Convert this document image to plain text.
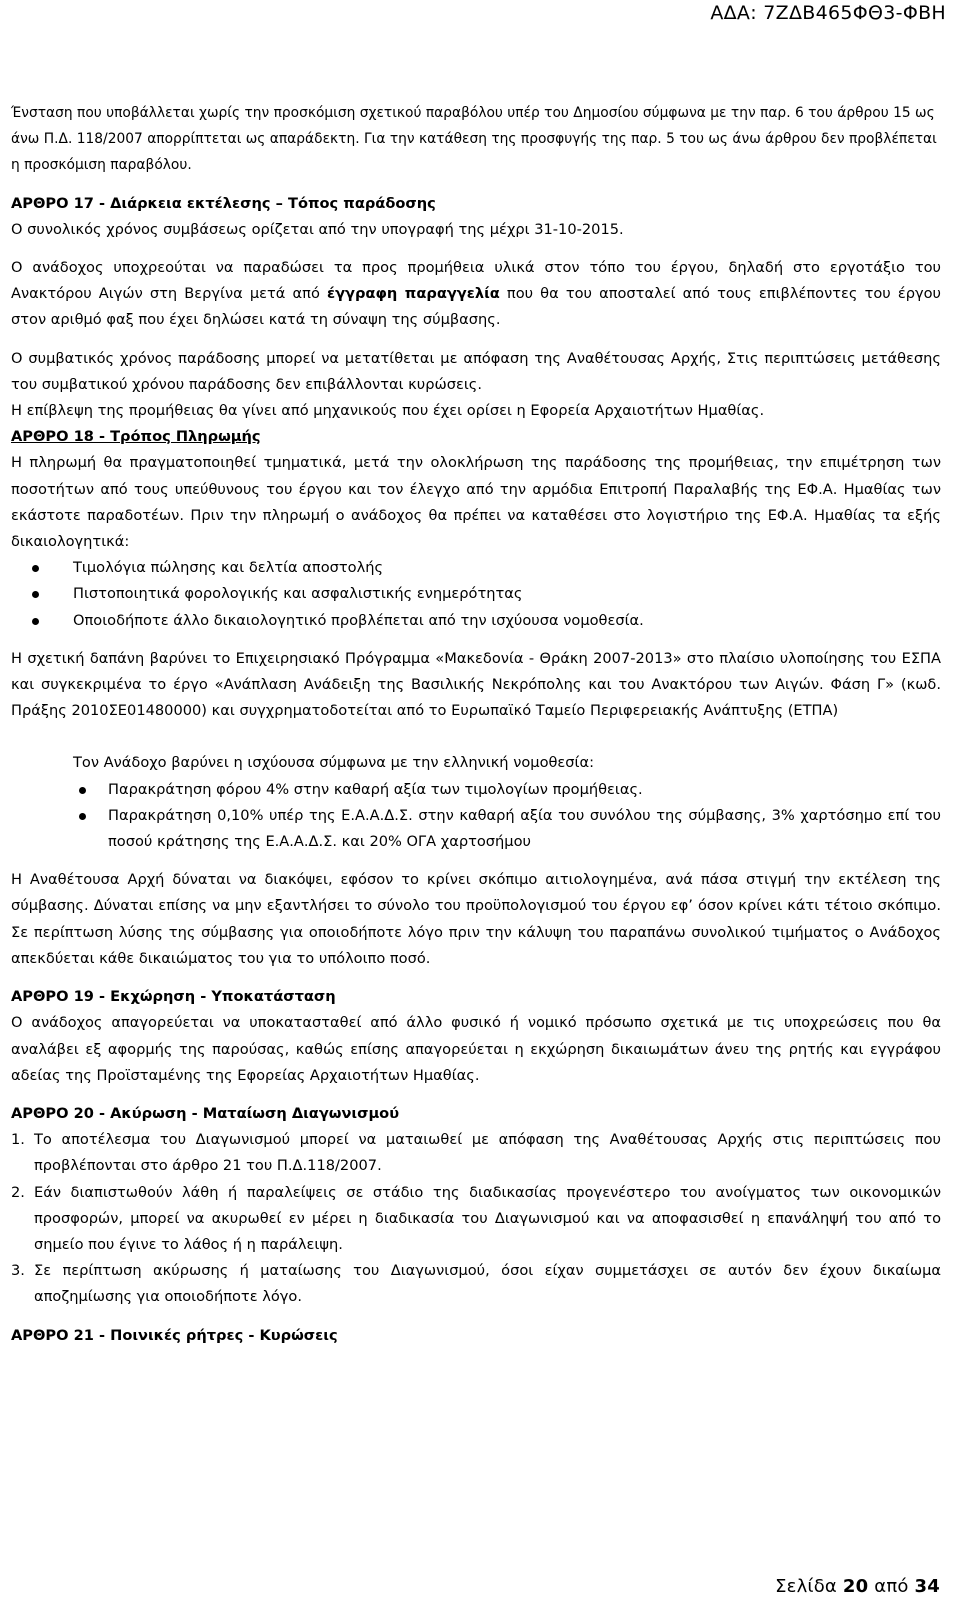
ΑΔΑ: 7ΖΔΒ465ΦΘ3-ΦΒΗ

Ένσταση που υποβάλλεται χωρίς την προσκόμιση σχετικού παραβόλου υπέρ του Δημοσίου σύμφωνα με την παρ. 6 του άρθρου 15 ως άνω Π.Δ. 118/2007 απορρίπτεται ως απαράδεκτη. Για την κατάθεση της προσφυγής της παρ. 5 του ως άνω άρθρου δεν προβλέπεται η προσκόμιση παραβόλου.

ΑΡΘΡΟ 17 - Διάρκεια εκτέλεσης – Τόπος παράδοσης

Ο συνολικός χρόνος συμβάσεως ορίζεται από την υπογραφή της μέχρι 31-10-2015.

Ο ανάδοχος υποχρεούται να παραδώσει τα προς προμήθεια υλικά στον τόπο του έργου, δηλαδή στο εργοτάξιο του Ανακτόρου Αιγών στη Βεργίνα μετά από έγγραφη παραγγελία που θα του αποσταλεί από τους επιβλέποντες του έργου στον αριθμό φαξ που έχει δηλώσει κατά τη σύναψη της σύμβασης.

Ο συμβατικός χρόνος παράδοσης μπορεί να μετατίθεται με απόφαση της Αναθέτουσας Αρχής, Στις περιπτώσεις μετάθεσης του συμβατικού χρόνου παράδοσης δεν επιβάλλονται κυρώσεις.

Η επίβλεψη της προμήθειας θα γίνει από μηχανικούς που έχει ορίσει η Εφορεία Αρχαιοτήτων Ημαθίας.

ΑΡΘΡΟ 18 - Τρόπος Πληρωμής

Η πληρωμή θα πραγματοποιηθεί τμηματικά, μετά την ολοκλήρωση της παράδοσης της προμήθειας, την επιμέτρηση των ποσοτήτων από τους υπεύθυνους του έργου και τον έλεγχο από την αρμόδια Επιτροπή Παραλαβής της ΕΦ.Α. Ημαθίας των εκάστοτε παραδοτέων. Πριν την πληρωμή ο ανάδοχος θα πρέπει να καταθέσει στο λογιστήριο της ΕΦ.Α. Ημαθίας τα εξής δικαιολογητικά:

Τιμολόγια πώλησης και δελτία αποστολής
Πιστοποιητικά φορολογικής και ασφαλιστικής ενημερότητας
Οποιοδήποτε άλλο δικαιολογητικό προβλέπεται από την ισχύουσα νομοθεσία.

Η σχετική δαπάνη βαρύνει το Επιχειρησιακό Πρόγραμμα «Μακεδονία - Θράκη 2007-2013» στο πλαίσιο υλοποίησης του ΕΣΠΑ και συγκεκριμένα το έργο «Ανάπλαση Ανάδειξη της Βασιλικής Νεκρόπολης και του Ανακτόρου των Αιγών. Φάση Γ» (κωδ. Πράξης 2010ΣΕ01480000) και συγχρηματοδοτείται από το Ευρωπαϊκό Ταμείο Περιφερειακής Ανάπτυξης (ΕΤΠΑ)

Τον Ανάδοχο βαρύνει η ισχύουσα σύμφωνα με την ελληνική νομοθεσία:

Παρακράτηση φόρου 4% στην καθαρή αξία των τιμολογίων προμήθειας.
Παρακράτηση 0,10% υπέρ της Ε.Α.Α.Δ.Σ. στην καθαρή αξία του συνόλου της σύμβασης, 3% χαρτόσημο επί του ποσού κράτησης της Ε.Α.Α.Δ.Σ. και 20% ΟΓΑ χαρτοσήμου

Η Αναθέτουσα Αρχή δύναται να διακόψει, εφόσον το κρίνει σκόπιμο αιτιολογημένα, ανά πάσα στιγμή την εκτέλεση της σύμβασης. Δύναται επίσης να μην εξαντλήσει το σύνολο του προϋπολογισμού του έργου εφ’ όσον κρίνει κάτι τέτοιο σκόπιμο. Σε περίπτωση λύσης της σύμβασης για οποιοδήποτε λόγο πριν την κάλυψη του παραπάνω συνολικού τιμήματος ο Ανάδοχος απεκδύεται κάθε δικαιώματος του για το υπόλοιπο ποσό.

ΑΡΘΡΟ 19 - Εκχώρηση - Υποκατάσταση

Ο ανάδοχος απαγορεύεται να υποκατασταθεί από άλλο φυσικό ή νομικό πρόσωπο σχετικά με τις υποχρεώσεις που θα αναλάβει εξ αφορμής της παρούσας, καθώς επίσης απαγορεύεται η εκχώρηση δικαιωμάτων άνευ της ρητής και εγγράφου αδείας της Προϊσταμένης της Εφορείας Αρχαιοτήτων Ημαθίας.

ΑΡΘΡΟ 20 - Ακύρωση - Ματαίωση Διαγωνισμού

1. Το αποτέλεσμα του Διαγωνισμού μπορεί να ματαιωθεί με απόφαση της Αναθέτουσας Αρχής στις περιπτώσεις που προβλέπονται στο άρθρο 21 του Π.Δ.118/2007.
2. Εάν διαπιστωθούν λάθη ή παραλείψεις σε στάδιο της διαδικασίας προγενέστερο του ανοίγματος των οικονομικών προσφορών, μπορεί να ακυρωθεί εν μέρει η διαδικασία του Διαγωνισμού και να αποφασισθεί η επανάληψή του από το σημείο που έγινε το λάθος ή η παράλειψη.
3. Σε περίπτωση ακύρωσης ή ματαίωσης του Διαγωνισμού, όσοι είχαν συμμετάσχει σε αυτόν δεν έχουν δικαίωμα αποζημίωσης για οποιοδήποτε λόγο.

ΑΡΘΡΟ 21 - Ποινικές ρήτρες - Κυρώσεις

Σελίδα 20 από 34
